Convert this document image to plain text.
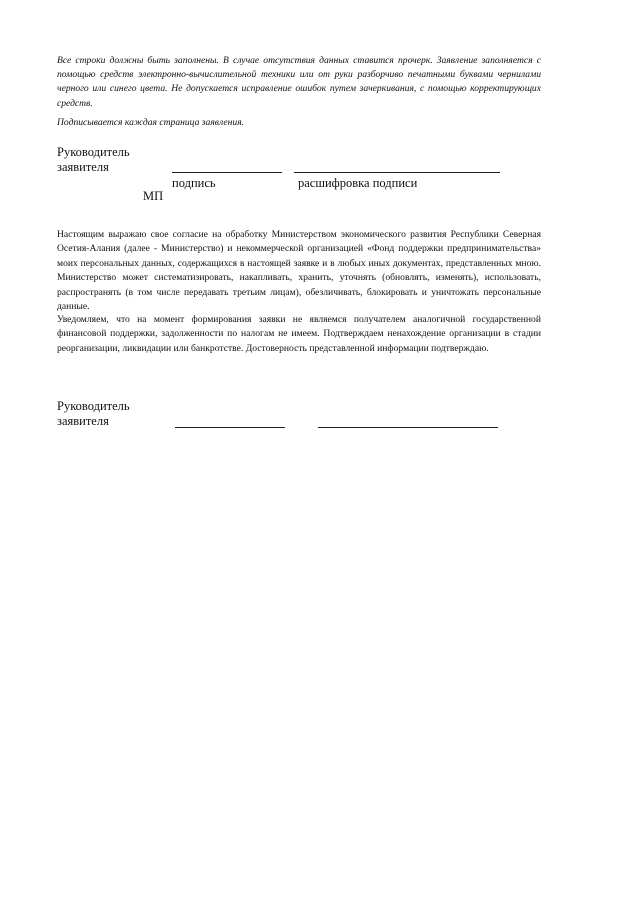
Все строки должны быть заполнены. В случае отсутствия данных ставится прочерк. Заявление заполняется с помощью средств электронно-вычислительной техники или от руки разборчиво печатными буквами чернилами черного или синего цвета. Не допускается исправление ошибок путем зачеркивания, с помощью корректирующих средств.

Подписывается каждая страница заявления.

Руководитель
заявителя
подпись	расшифровка подписи
МП

Настоящим выражаю свое согласие на обработку Министерством экономического развития Республики Северная Осетия-Алания (далее - Министерство) и некоммерческой организацией «Фонд поддержки предпринимательства» моих персональных данных, содержащихся в настоящей заявке и в любых иных документах, представленных мною. Министерство может систематизировать, накапливать, хранить, уточнять (обновлять, изменять), использовать, распространять (в том числе передавать третьим лицам), обезличивать, блокировать и уничтожать персональные данные.

Уведомляем, что на момент формирования заявки не являемся получателем аналогичной государственной финансовой поддержки, задолженности по налогам не имеем. Подтверждаем ненахождение организации в стадии реорганизации, ликвидации или банкротстве. Достоверность представленной информации подтверждаю.

Руководитель
заявителя
